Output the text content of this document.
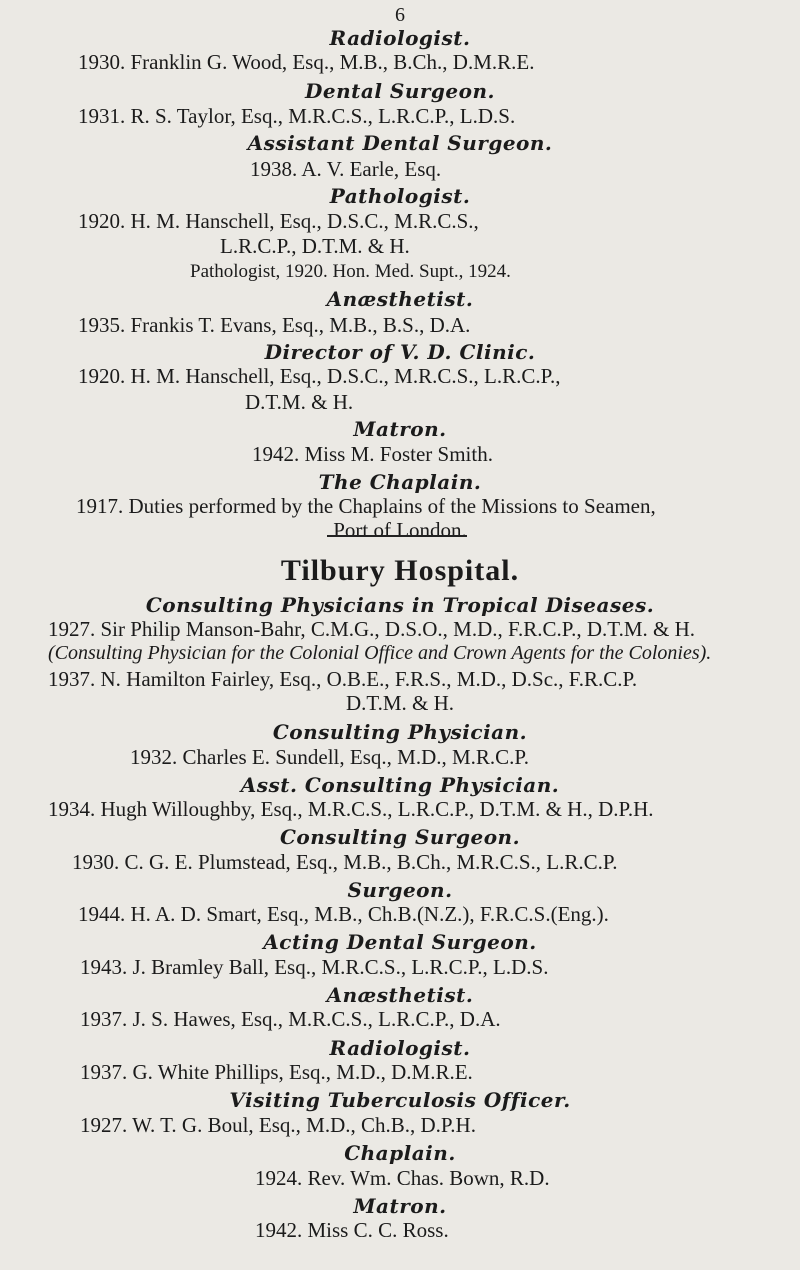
6
Radiologist.
1930. Franklin G. Wood, Esq., M.B., B.Ch., D.M.R.E.
Dental Surgeon.
1931. R. S. Taylor, Esq., M.R.C.S., L.R.C.P., L.D.S.
Assistant Dental Surgeon.
1938. A. V. Earle, Esq.
Pathologist.
1920. H. M. Hanschell, Esq., D.S.C., M.R.C.S.,
L.R.C.P., D.T.M. & H.
Pathologist, 1920. Hon. Med. Supt., 1924.
Anæsthetist.
1935. Frankis T. Evans, Esq., M.B., B.S., D.A.
Director of V. D. Clinic.
1920. H. M. Hanschell, Esq., D.S.C., M.R.C.S., L.R.C.P.,
D.T.M. & H.
Matron.
1942. Miss M. Foster Smith.
The Chaplain.
1917. Duties performed by the Chaplains of the Missions to Seamen,
Port of London.
Tilbury Hospital.
Consulting Physicians in Tropical Diseases.
1927. Sir Philip Manson-Bahr, C.M.G., D.S.O., M.D., F.R.C.P., D.T.M. & H.
(Consulting Physician for the Colonial Office and Crown Agents for the Colonies).
1937. N. Hamilton Fairley, Esq., O.B.E., F.R.S., M.D., D.Sc., F.R.C.P.
D.T.M. & H.
Consulting Physician.
1932. Charles E. Sundell, Esq., M.D., M.R.C.P.
Asst. Consulting Physician.
1934. Hugh Willoughby, Esq., M.R.C.S., L.R.C.P., D.T.M. & H., D.P.H.
Consulting Surgeon.
1930. C. G. E. Plumstead, Esq., M.B., B.Ch., M.R.C.S., L.R.C.P.
Surgeon.
1944. H. A. D. Smart, Esq., M.B., Ch.B.(N.Z.), F.R.C.S.(Eng.).
Acting Dental Surgeon.
1943. J. Bramley Ball, Esq., M.R.C.S., L.R.C.P., L.D.S.
Anæsthetist.
1937. J. S. Hawes, Esq., M.R.C.S., L.R.C.P., D.A.
Radiologist.
1937. G. White Phillips, Esq., M.D., D.M.R.E.
Visiting Tuberculosis Officer.
1927. W. T. G. Boul, Esq., M.D., Ch.B., D.P.H.
Chaplain.
1924. Rev. Wm. Chas. Bown, R.D.
Matron.
1942. Miss C. C. Ross.
